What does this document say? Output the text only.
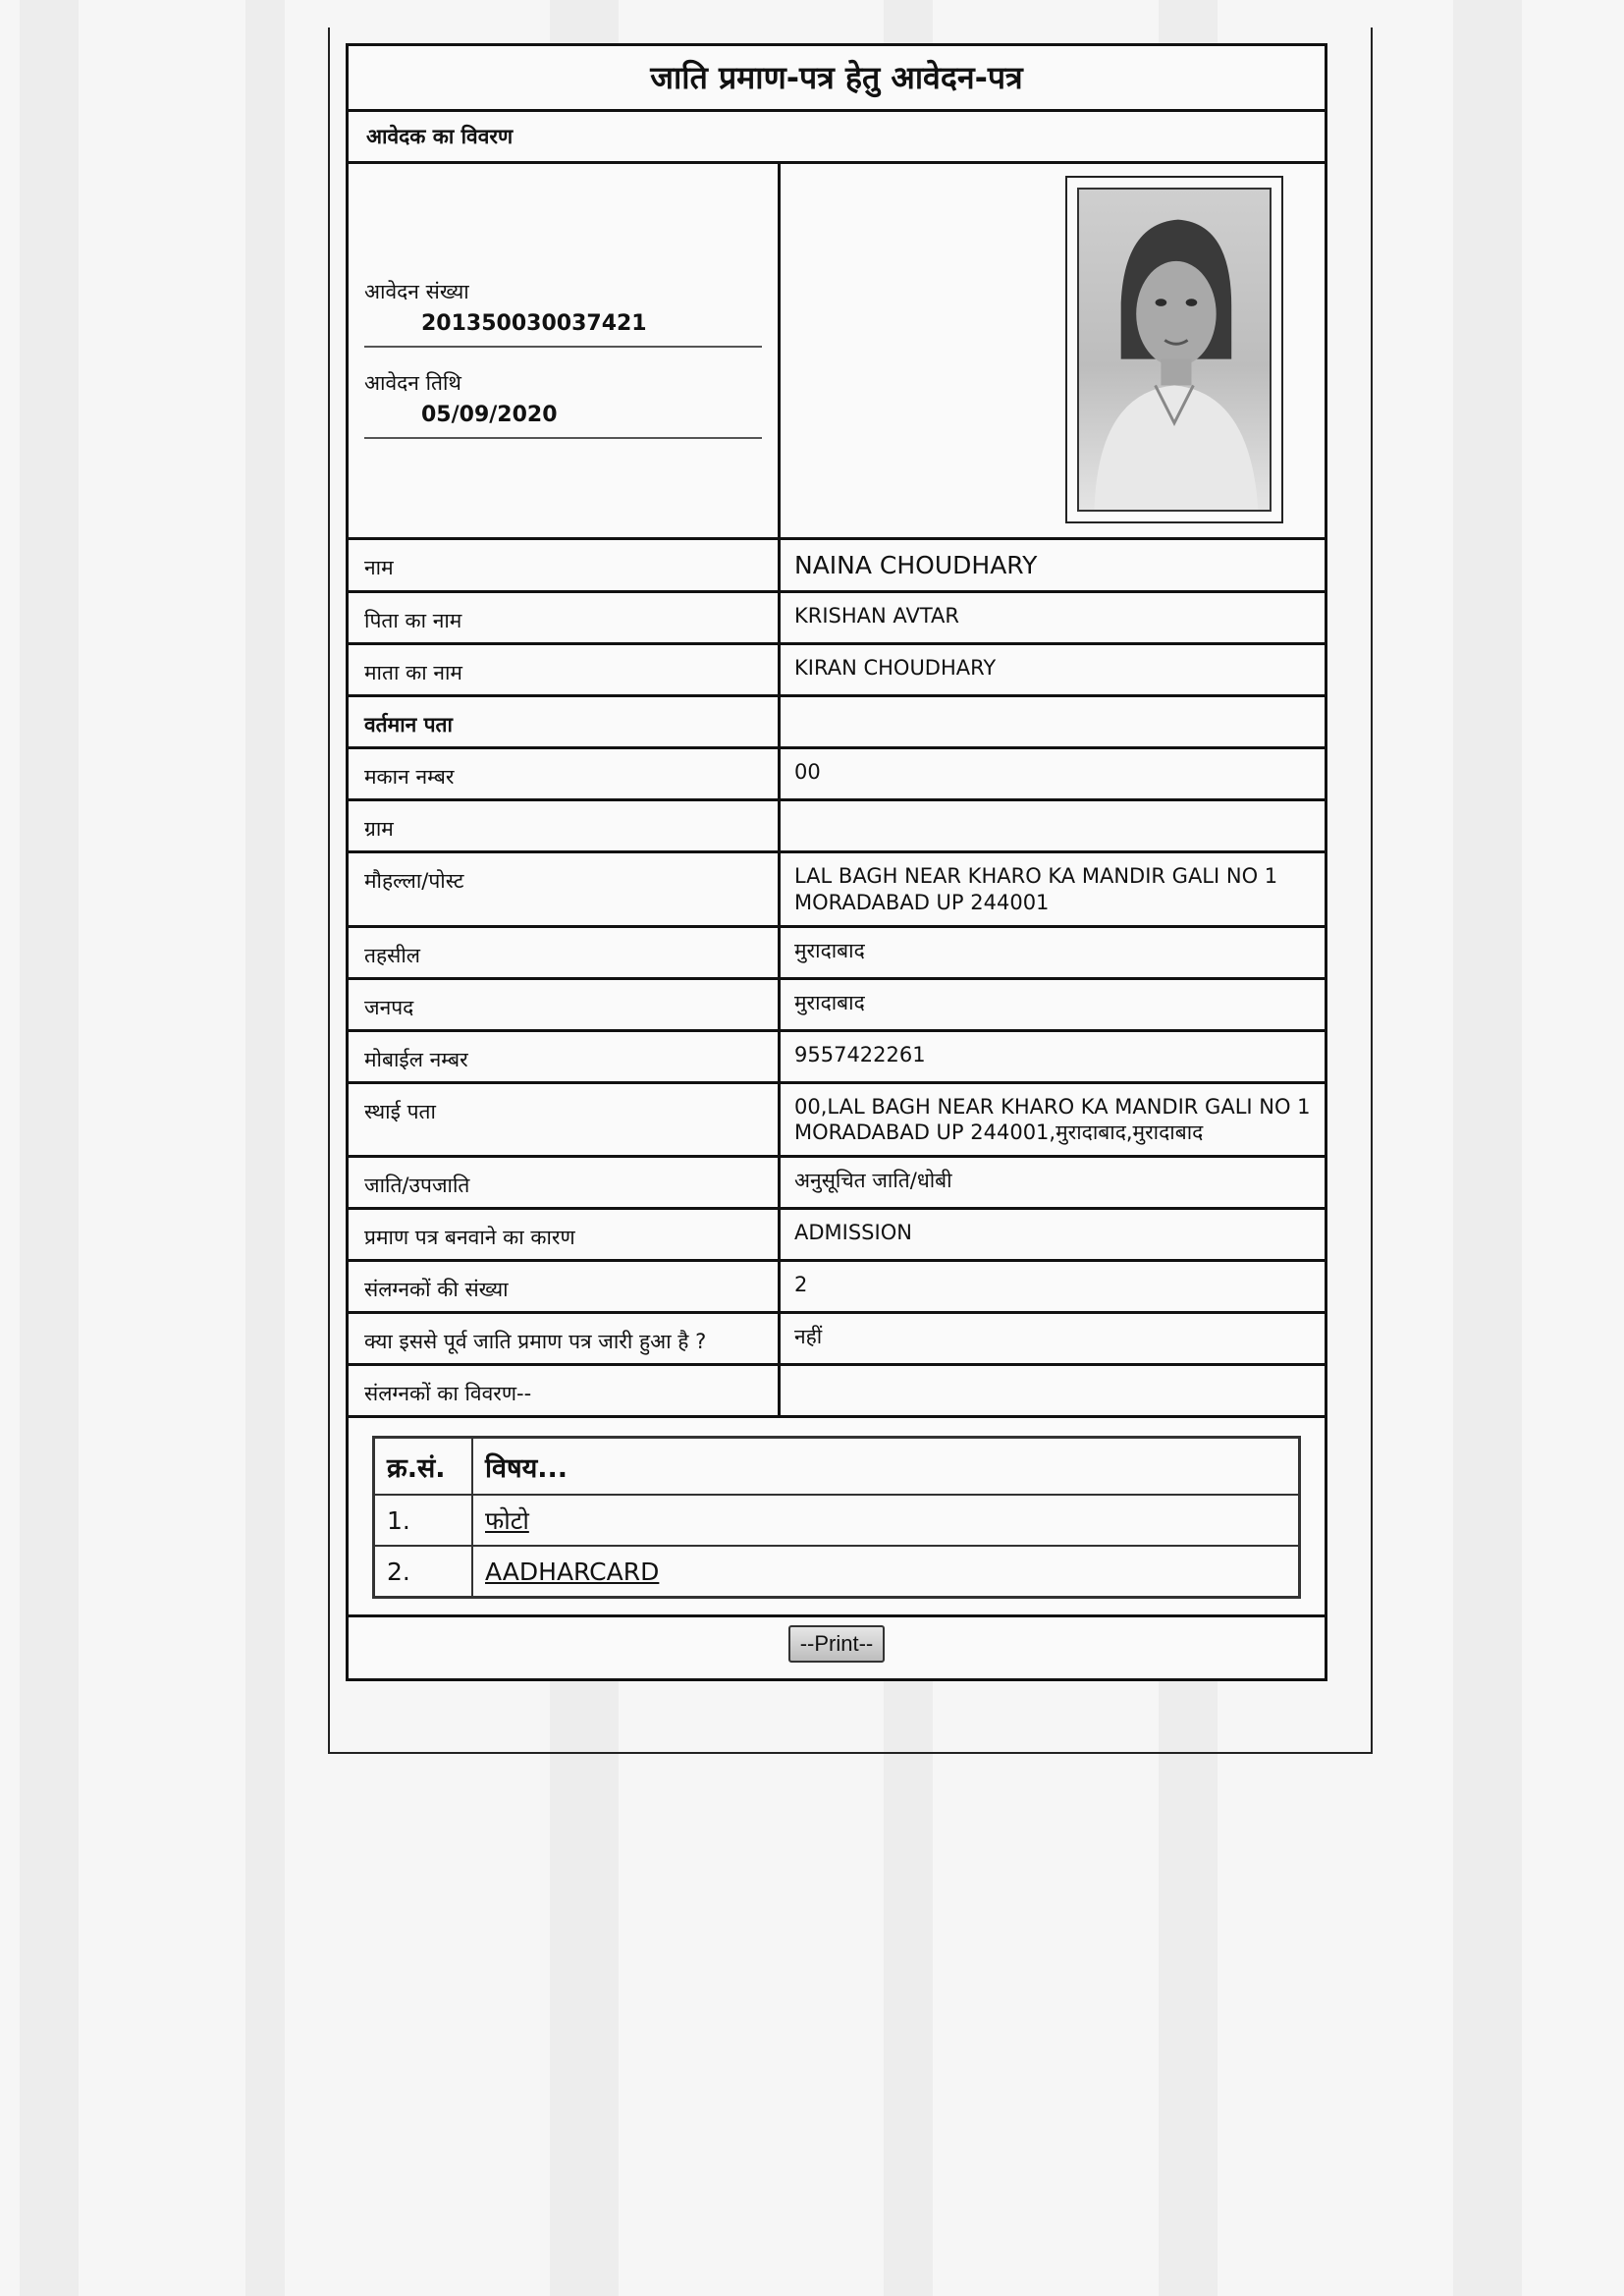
जाति प्रमाण-पत्र हेतु आवेदन-पत्र
आवेदक का विवरण
आवेदन संख्या
201350030037421
आवेदन तिथि
05/09/2020
नाम	NAINA CHOUDHARY
पिता का नाम	KRISHAN AVTAR
माता का नाम	KIRAN CHOUDHARY
वर्तमान पता
मकान नम्बर	00
ग्राम
मौहल्ला/पोस्ट	LAL BAGH NEAR KHARO KA MANDIR GALI NO 1 MORADABAD UP 244001
तहसील	मुरादाबाद
जनपद	मुरादाबाद
मोबाईल नम्बर	9557422261
स्थाई पता	00,LAL BAGH NEAR KHARO KA MANDIR GALI NO 1 MORADABAD UP 244001,मुरादाबाद,मुरादाबाद
जाति/उपजाति	अनुसूचित जाति/धोबी
प्रमाण पत्र बनवाने का कारण	ADMISSION
संलग्नकों की संख्या	2
क्या इससे पूर्व जाति प्रमाण पत्र जारी हुआ है ?	नहीं
संलग्नकों का विवरण--
क्र.सं.	विषय...
1.	फोटो
2.	AADHARCARD
--Print--
